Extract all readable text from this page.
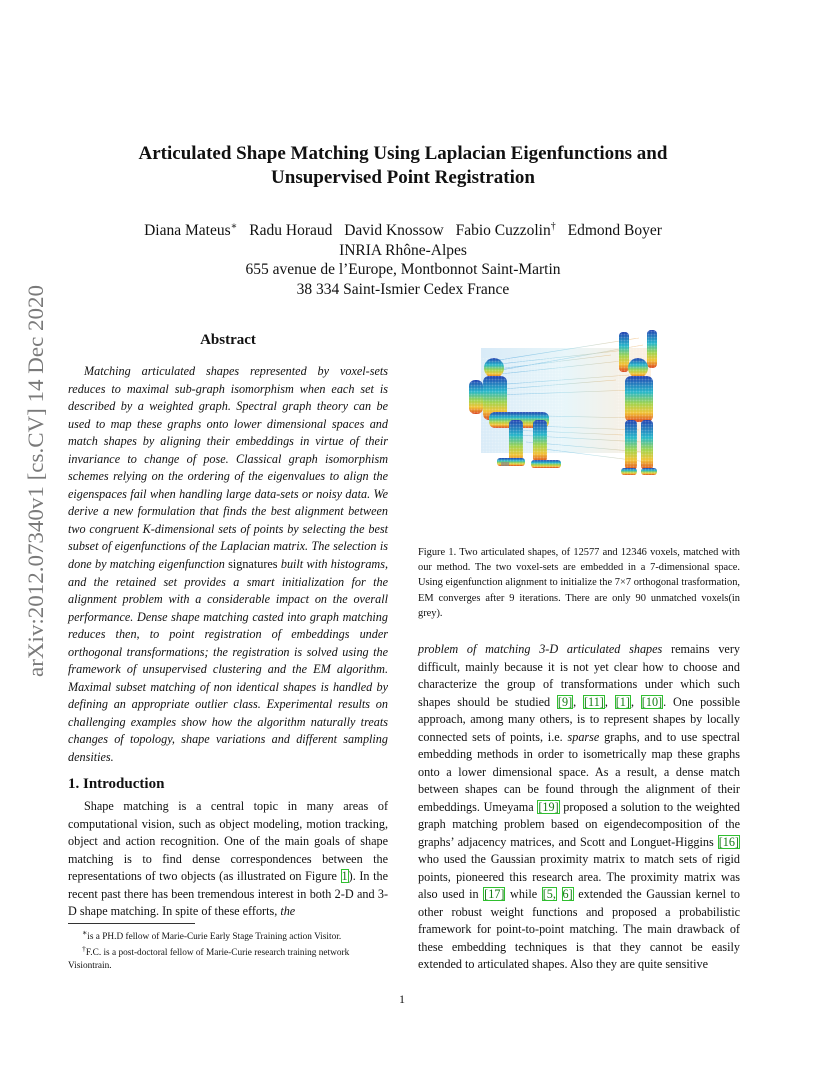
arXiv:2012.07340v1 [cs.CV] 14 Dec 2020
Articulated Shape Matching Using Laplacian Eigenfunctions and
Unsupervised Point Registration
Diana Mateus∗ Radu Horaud David Knossow Fabio Cuzzolin† Edmond Boyer
INRIA Rhône-Alpes
655 avenue de l’Europe, Montbonnot Saint-Martin
38 334 Saint-Ismier Cedex France
Abstract
Matching articulated shapes represented by voxel-sets reduces to maximal sub-graph isomorphism when each set is described by a weighted graph. Spectral graph theory can be used to map these graphs onto lower dimensional spaces and match shapes by aligning their embeddings in virtue of their invariance to change of pose. Classical graph isomorphism schemes relying on the ordering of the eigenvalues to align the eigenspaces fail when handling large data-sets or noisy data. We derive a new formulation that finds the best alignment between two congruent K-dimensional sets of points by selecting the best subset of eigenfunctions of the Laplacian matrix. The selection is done by matching eigenfunction signatures built with histograms, and the retained set provides a smart initialization for the alignment problem with a considerable impact on the overall performance. Dense shape matching casted into graph matching reduces then, to point registration of embeddings under orthogonal transformations; the registration is solved using the framework of unsupervised clustering and the EM algorithm. Maximal subset matching of non identical shapes is handled by defining an appropriate outlier class. Experimental results on challenging examples show how the algorithm naturally treats changes of topology, shape variations and different sampling densities.
1. Introduction
Shape matching is a central topic in many areas of computational vision, such as object modeling, motion tracking, object and action recognition. One of the main goals of shape matching is to find dense correspondences between the representations of two objects (as illustrated on Figure 1). In the recent past there has been tremendous interest in both 2-D and 3-D shape matching. In spite of these efforts, the
∗is a PH.D fellow of Marie-Curie Early Stage Training action Visitor.
†F.C. is a post-doctoral fellow of Marie-Curie research training network Visiontrain.
Figure 1. Two articulated shapes, of 12577 and 12346 voxels, matched with our method. The two voxel-sets are embedded in a 7-dimensional space. Using eigenfunction alignment to initialize the 7×7 orthogonal trasformation, EM converges after 9 iterations. There are only 90 unmatched voxels(in grey).
problem of matching 3-D articulated shapes remains very difficult, mainly because it is not yet clear how to choose and characterize the group of transformations under which such shapes should be studied [9], [11], [1], [10]. One possible approach, among many others, is to represent shapes by locally connected sets of points, i.e. sparse graphs, and to use spectral embedding methods in order to isometrically map these graphs onto a lower dimensional space. As a result, a dense match between shapes can be found through the alignment of their embeddings. Umeyama [19] proposed a solution to the weighted graph matching problem based on eigendecomposition of the graphs’ adjacency matrices, and Scott and Longuet-Higgins [16] who used the Gaussian proximity matrix to match sets of rigid points, pioneered this research area. The proximity matrix was also used in [17] while [5, 6] extended the Gaussian kernel to other robust weight functions and proposed a probabilistic framework for point-to-point matching. The main drawback of these embedding techniques is that they cannot be easily extended to articulated shapes. Also they are quite sensitive
1
